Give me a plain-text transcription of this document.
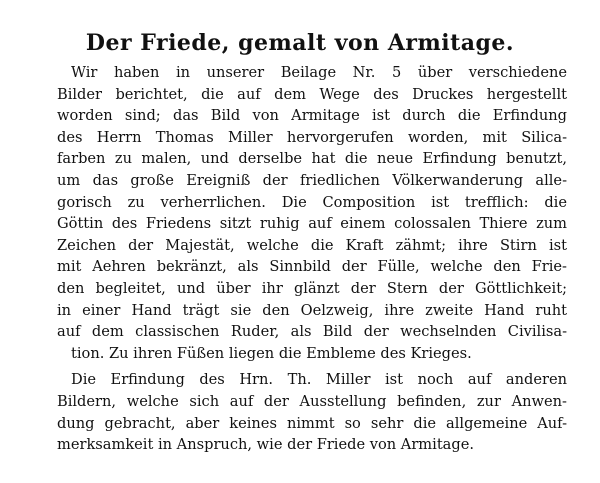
Der Friede, gemalt von Armitage.
Wir haben in unserer Beilage Nr. 5 über verschiedene
Bilder berichtet, die auf dem Wege des Druckes hergestellt
worden sind; das Bild von Armitage ist durch die Erfindung
des Herrn Thomas Miller hervorgerufen worden, mit Silica-
farben zu malen, und derselbe hat die neue Erfindung benutzt,
um das große Ereigniß der friedlichen Völkerwanderung alle-
gorisch zu verherrlichen. Die Composition ist trefflich: die
Göttin des Friedens sitzt ruhig auf einem colossalen Thiere zum
Zeichen der Majestät, welche die Kraft zähmt; ihre Stirn ist
mit Aehren bekränzt, als Sinnbild der Fülle, welche den Frie-
den begleitet, und über ihr glänzt der Stern der Göttlichkeit;
in einer Hand trägt sie den Oelzweig, ihre zweite Hand ruht
auf dem classischen Ruder, als Bild der wechselnden Civilisa-
tion. Zu ihren Füßen liegen die Embleme des Krieges.
Die Erfindung des Hrn. Th. Miller ist noch auf anderen
Bildern, welche sich auf der Ausstellung befinden, zur Anwen-
dung gebracht, aber keines nimmt so sehr die allgemeine Auf-
merksamkeit in Anspruch, wie der Friede von Armitage.
